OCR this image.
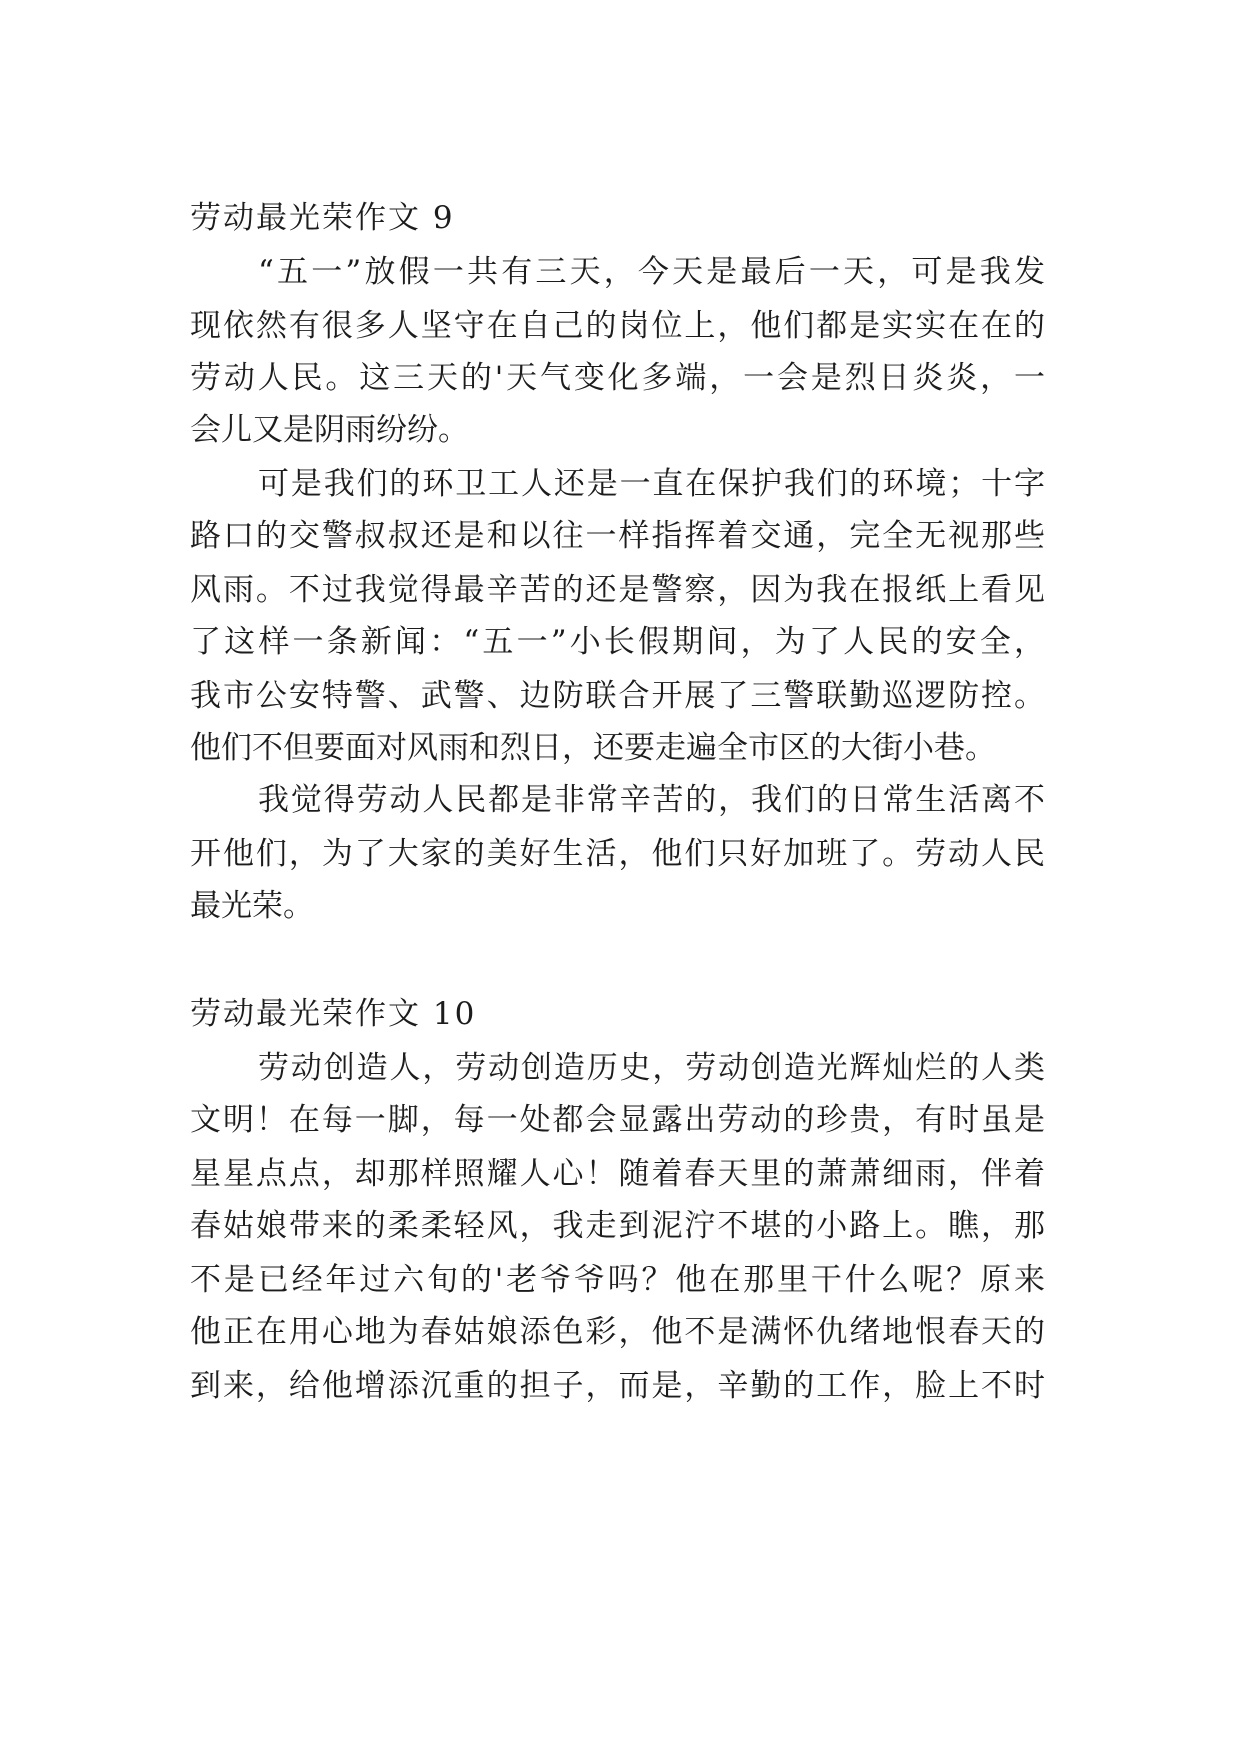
劳动最光荣作文 9

“五一”放假一共有三天，今天是最后一天，可是我发

现依然有很多人坚守在自己的岗位上，他们都是实实在在的

劳动人民。这三天的'天气变化多端，一会是烈日炎炎，一

会儿又是阴雨纷纷。

可是我们的环卫工人还是一直在保护我们的环境；十字

路口的交警叔叔还是和以往一样指挥着交通，完全无视那些

风雨。不过我觉得最辛苦的还是警察，因为我在报纸上看见

了这样一条新闻：“五一”小长假期间，为了人民的安全，

我市公安特警、武警、边防联合开展了三警联勤巡逻防控。

他们不但要面对风雨和烈日，还要走遍全市区的大街小巷。

我觉得劳动人民都是非常辛苦的，我们的日常生活离不

开他们，为了大家的美好生活，他们只好加班了。劳动人民

最光荣。

劳动最光荣作文 10

劳动创造人，劳动创造历史，劳动创造光辉灿烂的人类

文明！在每一脚，每一处都会显露出劳动的珍贵，有时虽是

星星点点，却那样照耀人心！随着春天里的萧萧细雨，伴着

春姑娘带来的柔柔轻风，我走到泥泞不堪的小路上。瞧，那

不是已经年过六旬的'老爷爷吗？他在那里干什么呢？原来

他正在用心地为春姑娘添色彩，他不是满怀仇绪地恨春天的

到来，给他增添沉重的担子，而是，辛勤的工作，脸上不时
